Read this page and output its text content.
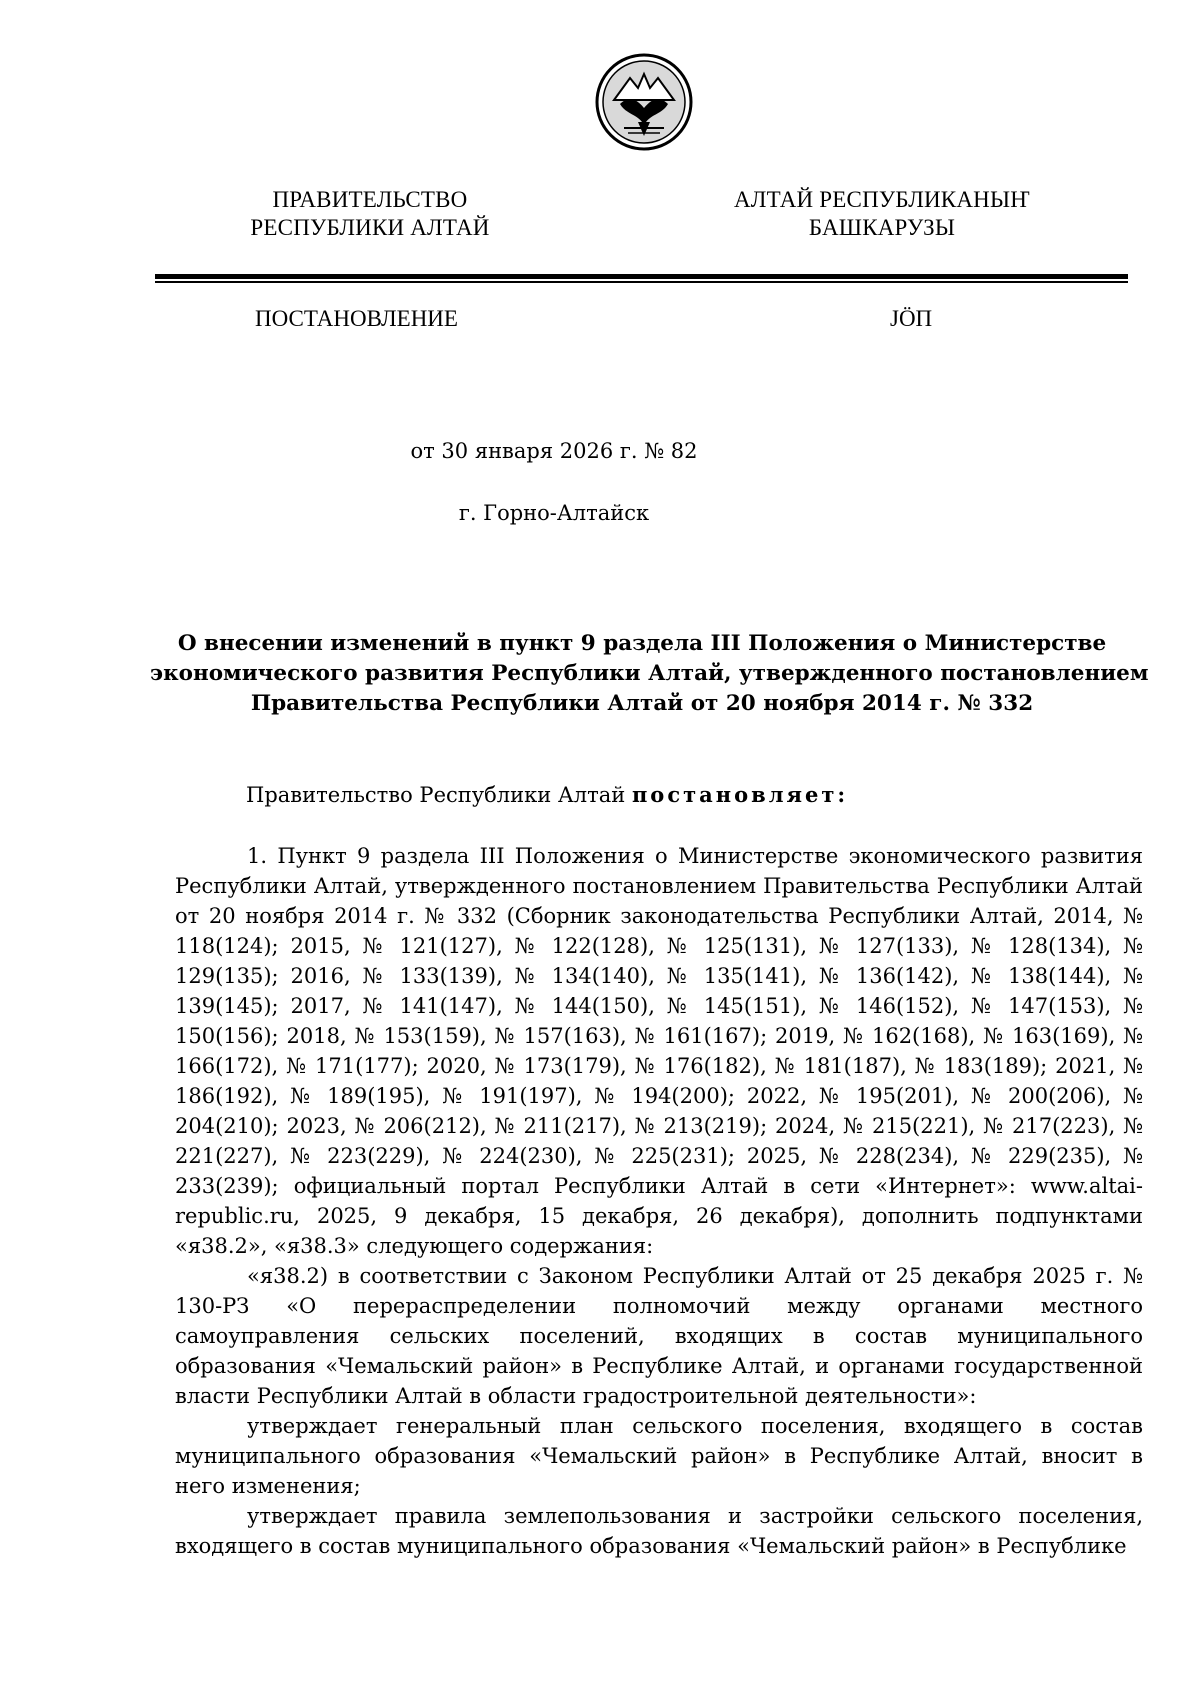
ПРАВИТЕЛЬСТВО
РЕСПУБЛИКИ АЛТАЙ
АЛТАЙ РЕСПУБЛИКАНЫҤ
БАШКАРУЗЫ
ПОСТАНОВЛЕНИЕ	JÖП
от 30 января 2026 г. № 82
г. Горно-Алтайск
О внесении изменений в пункт 9 раздела III Положения о Министерстве
экономического развития Республики Алтай, утвержденного постановлением
Правительства Республики Алтай от 20 ноября 2014 г. № 332
Правительство Республики Алтай постановляет:

1. Пункт 9 раздела III Положения о Министерстве экономического развития Республики Алтай, утвержденного постановлением Правительства Республики Алтай от 20 ноября 2014 г. № 332 (Сборник законодательства Республики Алтай, 2014, № 118(124); 2015, № 121(127), № 122(128), № 125(131), № 127(133), № 128(134), № 129(135); 2016, № 133(139), № 134(140), № 135(141), № 136(142), № 138(144), № 139(145); 2017, № 141(147), № 144(150), № 145(151), № 146(152), № 147(153), № 150(156); 2018, № 153(159), № 157(163), № 161(167); 2019, № 162(168), № 163(169), № 166(172), № 171(177); 2020, № 173(179), № 176(182), № 181(187), № 183(189); 2021, № 186(192), № 189(195), № 191(197), № 194(200); 2022, № 195(201), № 200(206), № 204(210); 2023, № 206(212), № 211(217), № 213(219); 2024, № 215(221), № 217(223), № 221(227), № 223(229), № 224(230), № 225(231); 2025, № 228(234), № 229(235), № 233(239); официальный портал Республики Алтай в сети «Интернет»: www.altai-republic.ru, 2025, 9 декабря, 15 декабря, 26 декабря), дополнить подпунктами «я38.2», «я38.3» следующего содержания:

«я38.2) в соответствии с Законом Республики Алтай от 25 декабря 2025 г. № 130-РЗ «О перераспределении полномочий между органами местного самоуправления сельских поселений, входящих в состав муниципального образования «Чемальский район» в Республике Алтай, и органами государственной власти Республики Алтай в области градостроительной деятельности»:

утверждает генеральный план сельского поселения, входящего в состав муниципального образования «Чемальский район» в Республике Алтай, вносит в него изменения;

утверждает правила землепользования и застройки сельского поселения, входящего в состав муниципального образования «Чемальский район» в Республике
